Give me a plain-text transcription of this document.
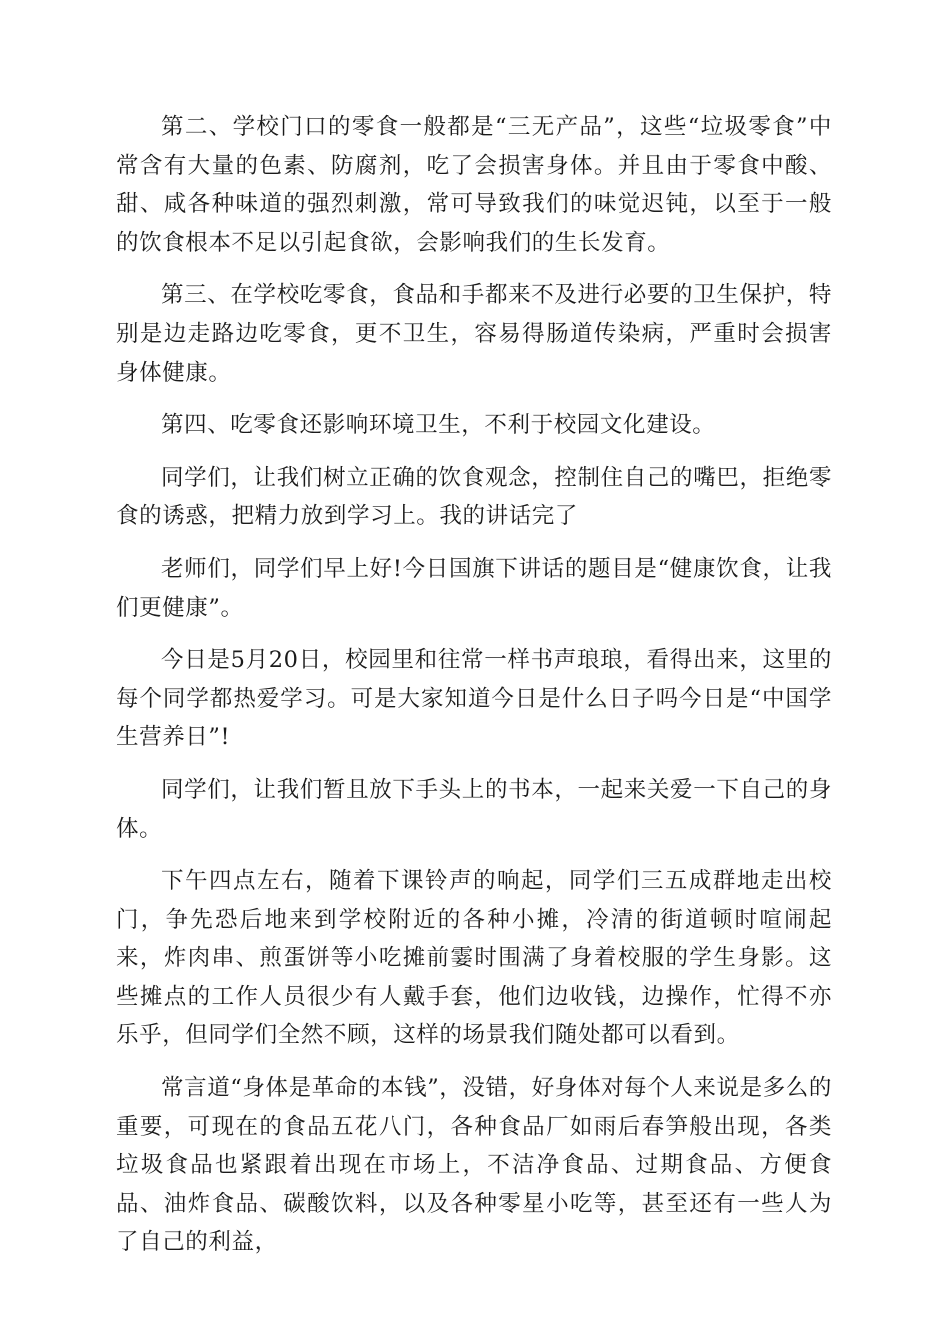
第二、学校门口的零食一般都是“三无产品”，这些“垃圾零食”中常含有大量的色素、防腐剂，吃了会损害身体。并且由于零食中酸、甜、咸各种味道的强烈刺激，常可导致我们的味觉迟钝，以至于一般的饮食根本不足以引起食欲，会影响我们的生长发育。

第三、在学校吃零食，食品和手都来不及进行必要的卫生保护，特别是边走路边吃零食，更不卫生，容易得肠道传染病，严重时会损害身体健康。

第四、吃零食还影响环境卫生，不利于校园文化建设。

同学们，让我们树立正确的饮食观念，控制住自己的嘴巴，拒绝零食的诱惑，把精力放到学习上。我的讲话完了

老师们，同学们早上好!今日国旗下讲话的题目是“健康饮食，让我们更健康”。

今日是5月20日，校园里和往常一样书声琅琅，看得出来，这里的每个同学都热爱学习。可是大家知道今日是什么日子吗今日是“中国学生营养日”!

同学们，让我们暂且放下手头上的书本，一起来关爱一下自己的身体。

下午四点左右，随着下课铃声的响起，同学们三五成群地走出校门，争先恐后地来到学校附近的各种小摊，冷清的街道顿时喧闹起来，炸肉串、煎蛋饼等小吃摊前霎时围满了身着校服的学生身影。这些摊点的工作人员很少有人戴手套，他们边收钱，边操作，忙得不亦乐乎，但同学们全然不顾，这样的场景我们随处都可以看到。

常言道“身体是革命的本钱”，没错，好身体对每个人来说是多么的重要，可现在的食品五花八门，各种食品厂如雨后春笋般出现，各类垃圾食品也紧跟着出现在市场上，不洁净食品、过期食品、方便食品、油炸食品、碳酸饮料，以及各种零星小吃等，甚至还有一些人为了自己的利益，
